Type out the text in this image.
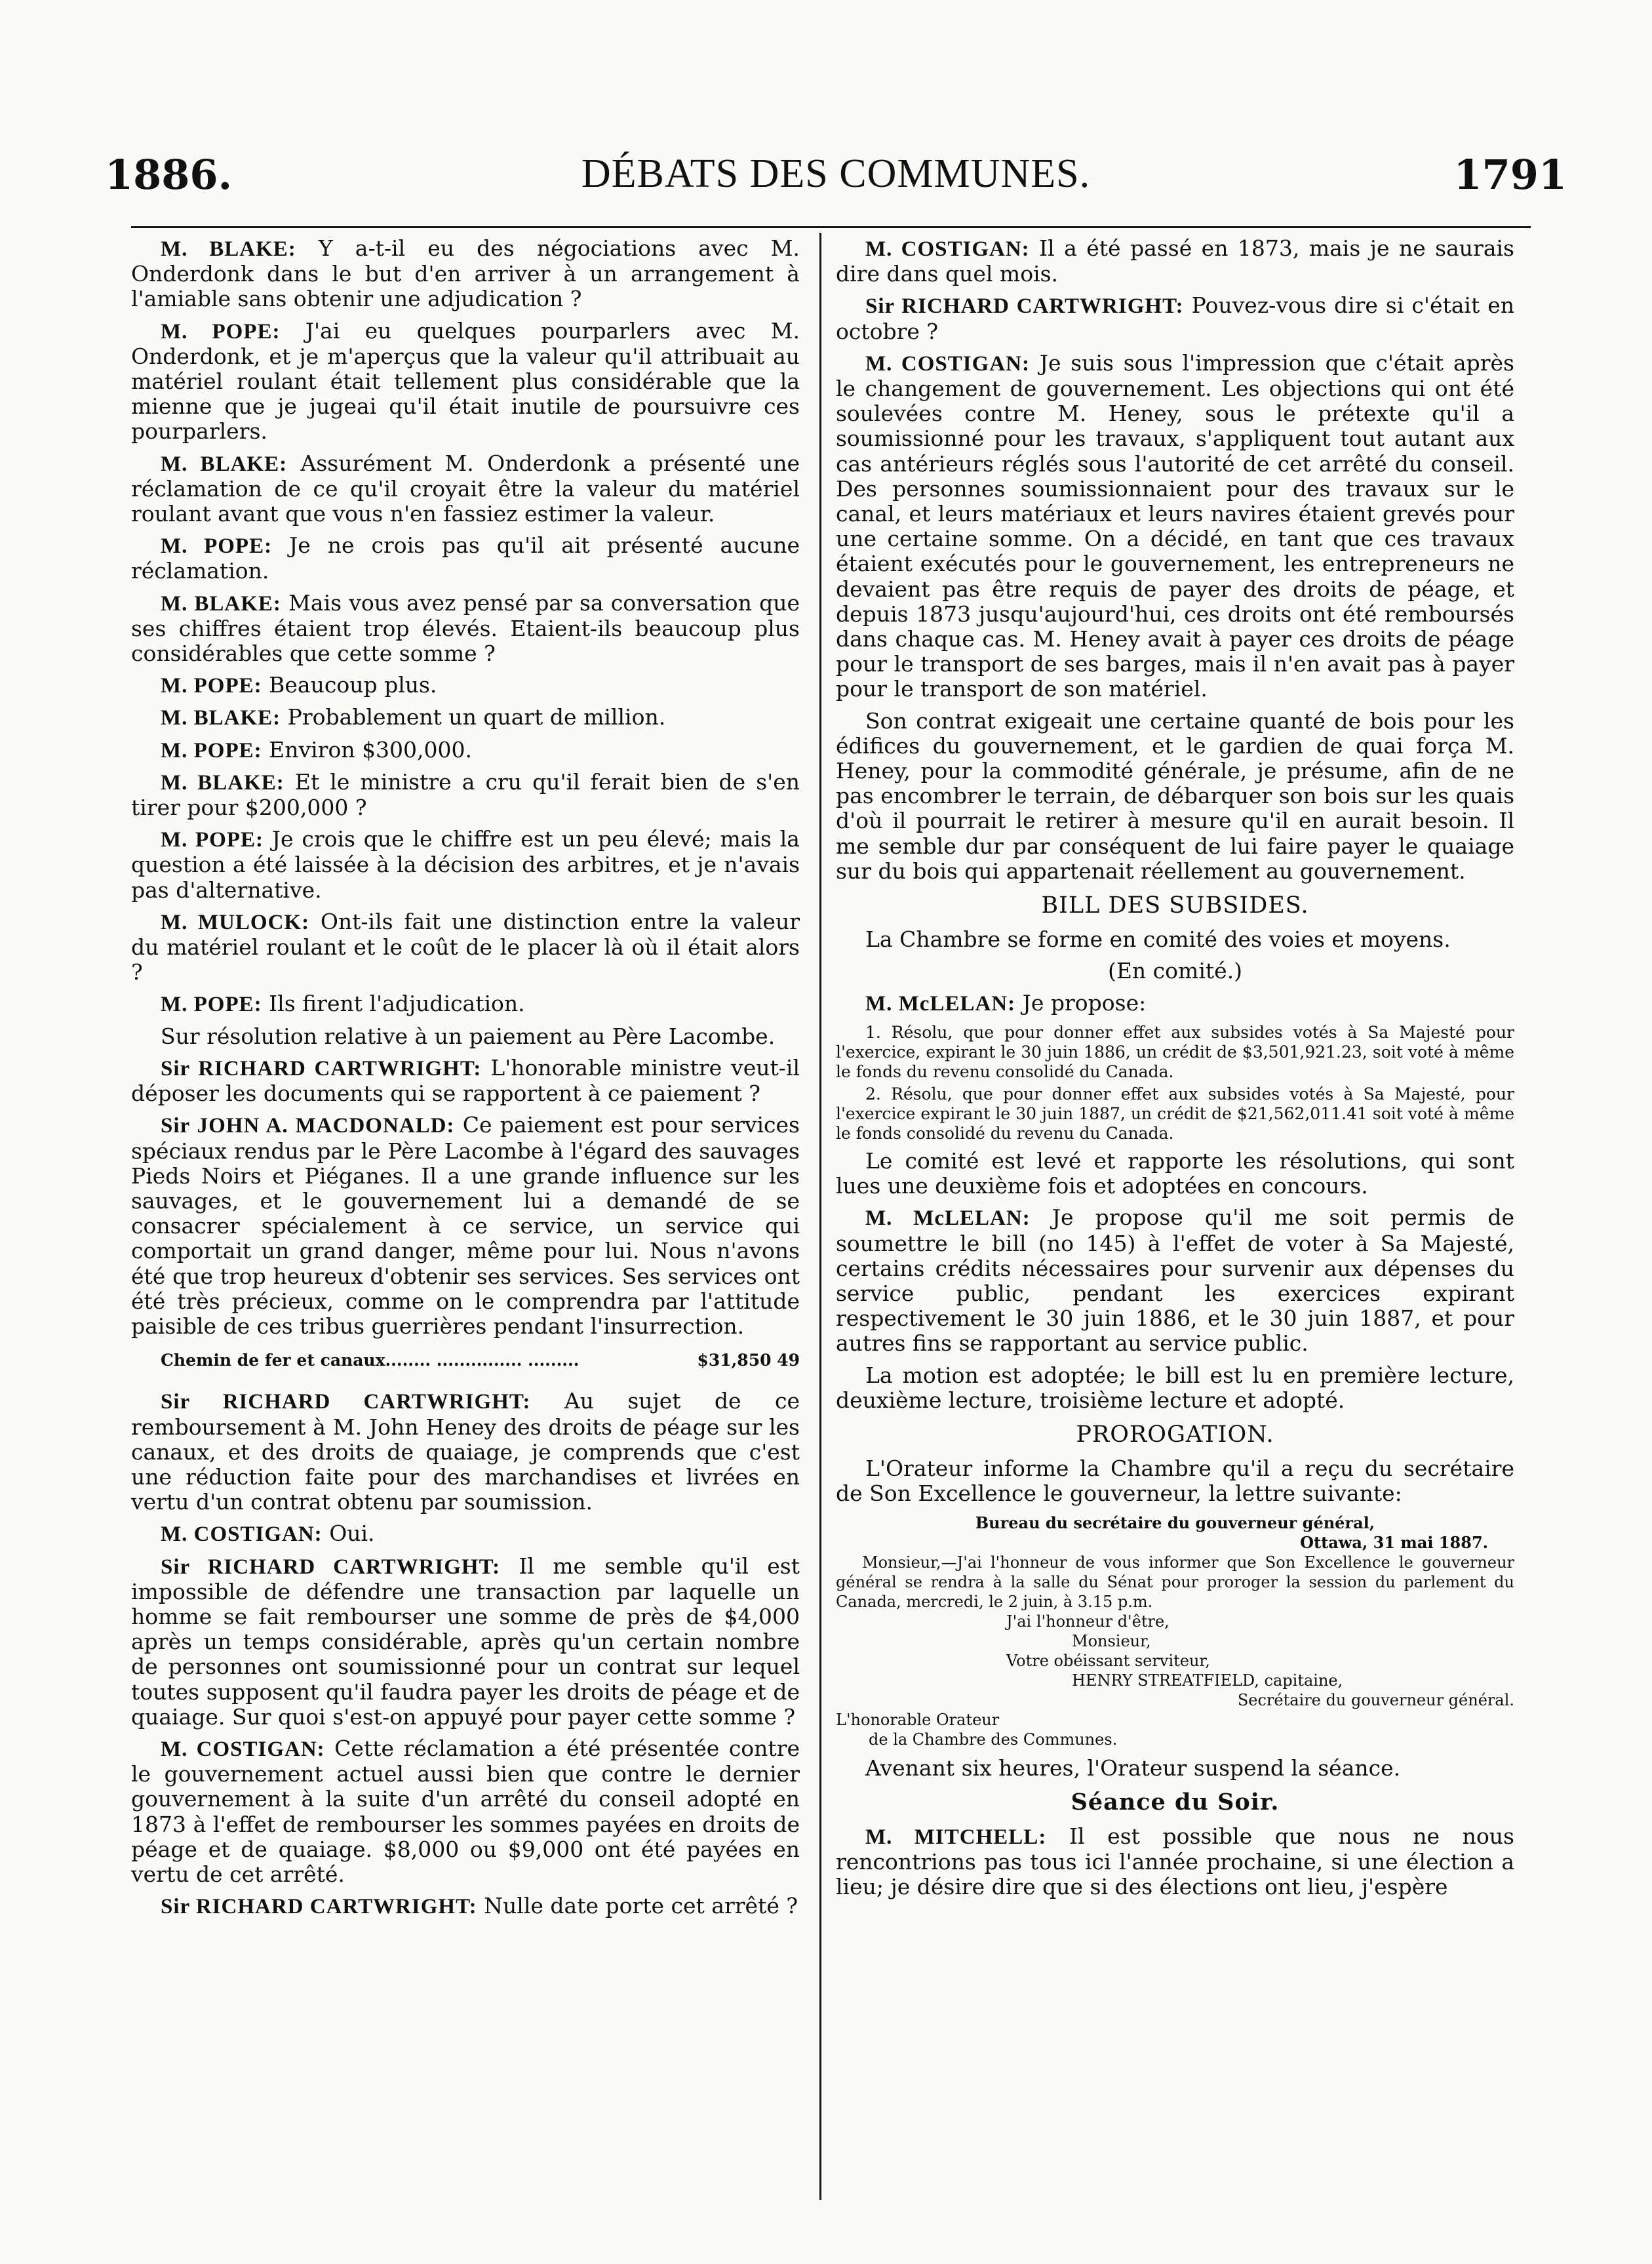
1886.	DÉBATS DES COMMUNES.	1791

M. BLAKE: Y a-t-il eu des négociations avec M. Onderdonk dans le but d'en arriver à un arrangement à l'amiable sans obtenir une adjudication ?

M. POPE: J'ai eu quelques pourparlers avec M. Onderdonk, et je m'aperçus que la valeur qu'il attribuait au matériel roulant était tellement plus considérable que la mienne que je jugeai qu'il était inutile de poursuivre ces pourparlers.

M. BLAKE: Assurément M. Onderdonk a présenté une réclamation de ce qu'il croyait être la valeur du matériel roulant avant que vous n'en fassiez estimer la valeur.

M. POPE: Je ne crois pas qu'il ait présenté aucune réclamation.

M. BLAKE: Mais vous avez pensé par sa conversation que ses chiffres étaient trop élevés. Etaient-ils beaucoup plus considérables que cette somme ?

M. POPE: Beaucoup plus.

M. BLAKE: Probablement un quart de million.

M. POPE: Environ $300,000.

M. BLAKE: Et le ministre a cru qu'il ferait bien de s'en tirer pour $200,000 ?

M. POPE: Je crois que le chiffre est un peu élevé; mais la question a été laissée à la décision des arbitres, et je n'avais pas d'alternative.

M. MULOCK: Ont-ils fait une distinction entre la valeur du matériel roulant et le coût de le placer là où il était alors ?

M. POPE: Ils firent l'adjudication.

Sur résolution relative à un paiement au Père Lacombe.

Sir RICHARD CARTWRIGHT: L'honorable ministre veut-il déposer les documents qui se rapportent à ce paiement ?

Sir JOHN A. MACDONALD: Ce paiement est pour services spéciaux rendus par le Père Lacombe à l'égard des sauvages Pieds Noirs et Piéganes. Il a une grande influence sur les sauvages, et le gouvernement lui a demandé de se consacrer spécialement à ce service, un service qui comportait un grand danger, même pour lui. Nous n'avons été que trop heureux d'obtenir ses services. Ses services ont été très précieux, comme on le comprendra par l'attitude paisible de ces tribus guerrières pendant l'insurrection.

Chemin de fer et canaux........ ............... .........	$31,850 49

Sir RICHARD CARTWRIGHT: Au sujet de ce remboursement à M. John Heney des droits de péage sur les canaux, et des droits de quaiage, je comprends que c'est une réduction faite pour des marchandises et livrées en vertu d'un contrat obtenu par soumission.

M. COSTIGAN: Oui.

Sir RICHARD CARTWRIGHT: Il me semble qu'il est impossible de défendre une transaction par laquelle un homme se fait rembourser une somme de près de $4,000 après un temps considérable, après qu'un certain nombre de personnes ont soumissionné pour un contrat sur lequel toutes supposent qu'il faudra payer les droits de péage et de quaiage. Sur quoi s'est-on appuyé pour payer cette somme ?

M. COSTIGAN: Cette réclamation a été présentée contre le gouvernement actuel aussi bien que contre le dernier gouvernement à la suite d'un arrêté du conseil adopté en 1873 à l'effet de rembourser les sommes payées en droits de péage et de quaiage. $8,000 ou $9,000 ont été payées en vertu de cet arrêté.

Sir RICHARD CARTWRIGHT: Nulle date porte cet arrêté ?

M. COSTIGAN: Il a été passé en 1873, mais je ne saurais dire dans quel mois.

Sir RICHARD CARTWRIGHT: Pouvez-vous dire si c'était en octobre ?

M. COSTIGAN: Je suis sous l'impression que c'était après le changement de gouvernement. Les objections qui ont été soulevées contre M. Heney, sous le prétexte qu'il a soumissionné pour les travaux, s'appliquent tout autant aux cas antérieurs réglés sous l'autorité de cet arrêté du conseil. Des personnes soumissionnaient pour des travaux sur le canal, et leurs matériaux et leurs navires étaient grevés pour une certaine somme. On a décidé, en tant que ces travaux étaient exécutés pour le gouvernement, les entrepreneurs ne devaient pas être requis de payer des droits de péage, et depuis 1873 jusqu'aujourd'hui, ces droits ont été remboursés dans chaque cas. M. Heney avait à payer ces droits de péage pour le transport de ses barges, mais il n'en avait pas à payer pour le transport de son matériel.

Son contrat exigeait une certaine quanté de bois pour les édifices du gouvernement, et le gardien de quai força M. Heney, pour la commodité générale, je présume, afin de ne pas encombrer le terrain, de débarquer son bois sur les quais d'où il pourrait le retirer à mesure qu'il en aurait besoin. Il me semble dur par conséquent de lui faire payer le quaiage sur du bois qui appartenait réellement au gouvernement.

BILL DES SUBSIDES.

La Chambre se forme en comité des voies et moyens.

(En comité.)

M. McLELAN: Je propose:

1. Résolu, que pour donner effet aux subsides votés à Sa Majesté pour l'exercice, expirant le 30 juin 1886, un crédit de $3,501,921.23, soit voté à même le fonds du revenu consolidé du Canada.

2. Résolu, que pour donner effet aux subsides votés à Sa Majesté, pour l'exercice expirant le 30 juin 1887, un crédit de $21,562,011.41 soit voté à même le fonds consolidé du revenu du Canada.

Le comité est levé et rapporte les résolutions, qui sont lues une deuxième fois et adoptées en concours.

M. McLELAN: Je propose qu'il me soit permis de soumettre le bill (no 145) à l'effet de voter à Sa Majesté, certains crédits nécessaires pour survenir aux dépenses du service public, pendant les exercices expirant respectivement le 30 juin 1886, et le 30 juin 1887, et pour autres fins se rapportant au service public.

La motion est adoptée; le bill est lu en première lecture, deuxième lecture, troisième lecture et adopté.

PROROGATION.

L'Orateur informe la Chambre qu'il a reçu du secrétaire de Son Excellence le gouverneur, la lettre suivante:

Bureau du secrétaire du gouverneur général,
Ottawa, 31 mai 1887.
Monsieur,—J'ai l'honneur de vous informer que Son Excellence le gouverneur général se rendra à la salle du Sénat pour proroger la session du parlement du Canada, mercredi, le 2 juin, à 3.15 p.m.
J'ai l'honneur d'être,
Monsieur,
Votre obéissant serviteur,
HENRY STREATFIELD, capitaine,
Secrétaire du gouverneur général.
L'honorable Orateur
de la Chambre des Communes.

Avenant six heures, l'Orateur suspend la séance.

Séance du Soir.

M. MITCHELL: Il est possible que nous ne nous rencontrions pas tous ici l'année prochaine, si une élection a lieu; je désire dire que si des élections ont lieu, j'espère
